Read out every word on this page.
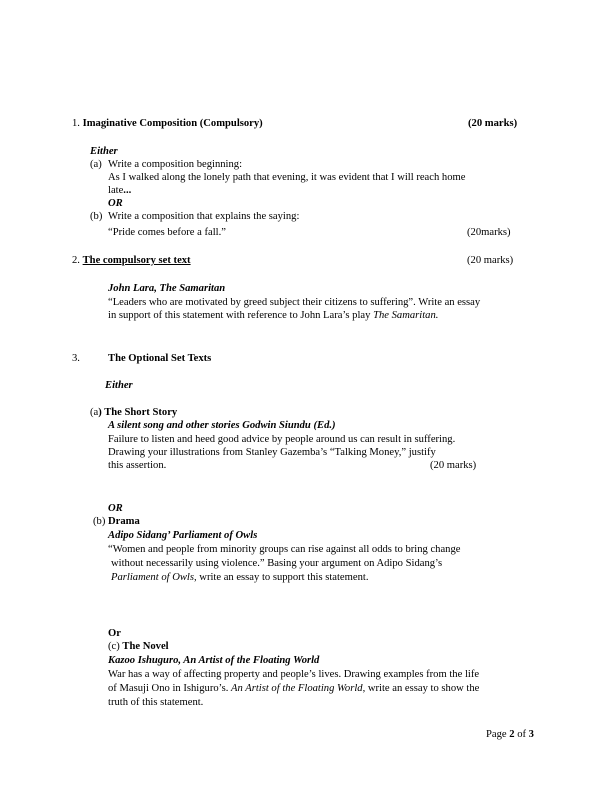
1. Imaginative Composition (Compulsory)	(20 marks)
Either
(a) Write a composition beginning:
As I walked along the lonely path that evening, it was evident that I will reach home
late...
OR
(b) Write a composition that explains the saying:
“Pride comes before a fall.”	(20marks)
2. The compulsory set text	(20 marks)
John Lara, The Samaritan
“Leaders who are motivated by greed subject their citizens to suffering”. Write an essay
in support of this statement with reference to John Lara’s play The Samaritan.
3.	The Optional Set Texts
Either
(a) The Short Story
A silent song and other stories Godwin Siundu (Ed.)
Failure to listen and heed good advice by people around us can result in suffering.
Drawing your illustrations from Stanley Gazemba’s “Talking Money,” justify
this assertion.	(20 marks)
OR
(b) Drama
Adipo Sidang’ Parliament of Owls
“Women and people from minority groups can rise against all odds to bring change
without necessarily using violence.” Basing your argument on Adipo Sidang’s
Parliament of Owls, write an essay to support this statement.
Or
(c) The Novel
Kazoo Ishuguro, An Artist of the Floating World
War has a way of affecting property and people’s lives. Drawing examples from the life
of Masuji Ono in Ishiguro’s. An Artist of the Floating World, write an essay to show the
truth of this statement.
Page 2 of 3
